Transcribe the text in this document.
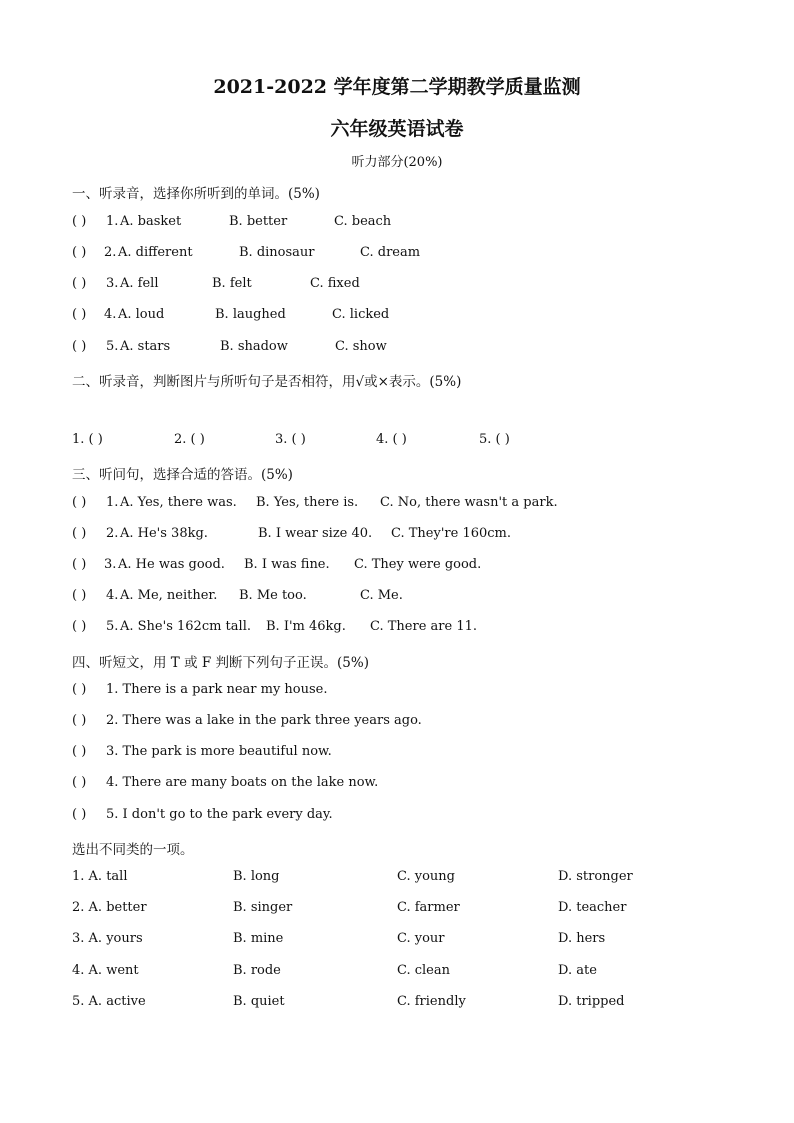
2021-2022 学年度第二学期教学质量监测
六年级英语试卷
听力部分(20%)
一、听录音，选择你所听到的单词。(5%)
( ) 1. A. basket	B. better	C. beach
( ) 2. A. different	B. dinosaur	C. dream
( ) 3. A. fell	B. felt	C. fixed
( ) 4. A. loud	B. laughed	C. licked
( ) 5. A. stars	B. shadow	C. show
二、听录音，判断图片与所听句子是否相符，用√或×表示。(5%)
1. ( )	2. ( )	3. ( )	4. ( )	5. ( )
三、听问句，选择合适的答语。(5%)
( ) 1. A. Yes, there was. B. Yes, there is. C. No, there wasn't a park.
( ) 2. A. He's 38kg.	B. I wear size 40. C. They're 160cm.
( ) 3. A. He was good. B. I was fine. C. They were good.
( ) 4. A. Me, neither. B. Me too.	C. Me.
( ) 5. A. She's 162cm tall. B. I'm 46kg. C. There are 11.
四、听短文，用 T 或 F 判断下列句子正误。(5%)
( ) 1. There is a park near my house.
( ) 2. There was a lake in the park three years ago.
( ) 3. The park is more beautiful now.
( ) 4. There are many boats on the lake now.
( ) 5. I don't go to the park every day.
选出不同类的一项。
1. A. tall	B. long	C. young	D. stronger
2. A. better	B. singer	C. farmer	D. teacher
3. A. yours	B. mine	C. your	D. hers
4. A. went	B. rode	C. clean	D. ate
5. A. active	B. quiet	C. friendly	D. tripped
